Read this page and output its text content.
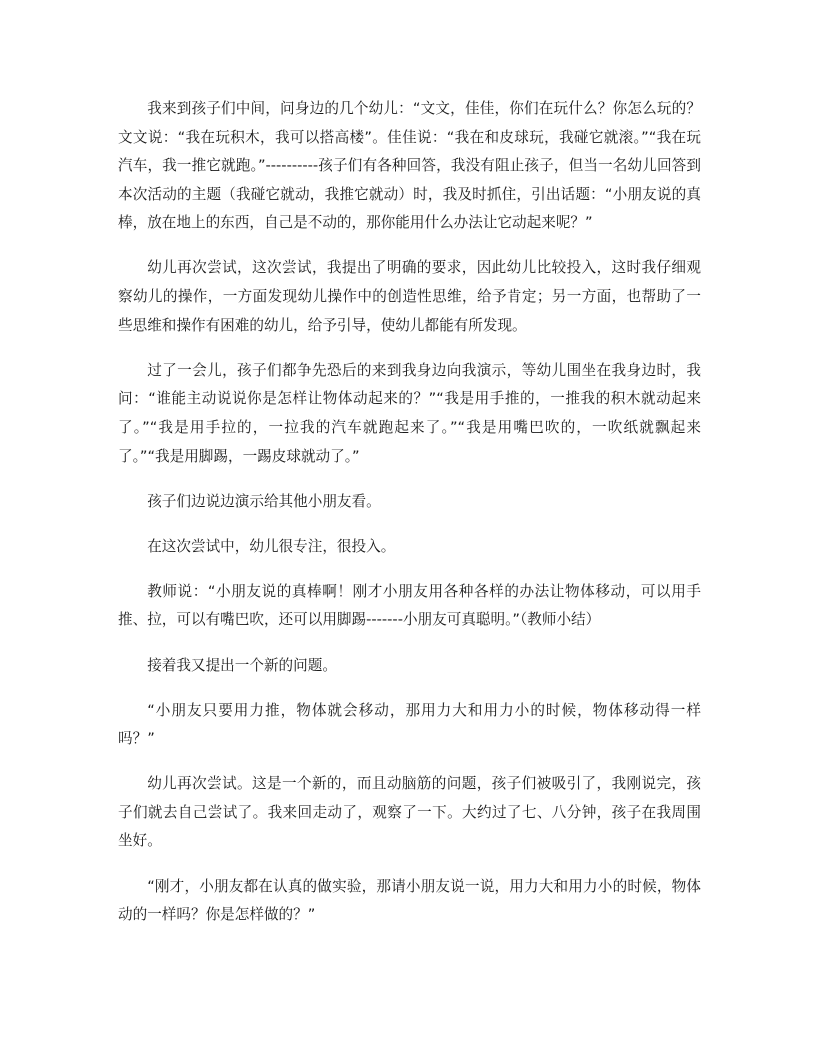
我来到孩子们中间，问身边的几个幼儿：“文文，佳佳，你们在玩什么？你怎么玩的？文文说：“我在玩积木，我可以搭高楼”。佳佳说：“我在和皮球玩，我碰它就滚。”“我在玩汽车，我一推它就跑。”----------孩子们有各种回答，我没有阻止孩子，但当一名幼儿回答到本次活动的主题（我碰它就动，我推它就动）时，我及时抓住，引出话题：“小朋友说的真棒，放在地上的东西，自己是不动的，那你能用什么办法让它动起来呢？”

幼儿再次尝试，这次尝试，我提出了明确的要求，因此幼儿比较投入，这时我仔细观察幼儿的操作，一方面发现幼儿操作中的创造性思维，给予肯定；另一方面，也帮助了一些思维和操作有困难的幼儿，给予引导，使幼儿都能有所发现。

过了一会儿，孩子们都争先恐后的来到我身边向我演示，等幼儿围坐在我身边时，我问：“谁能主动说说你是怎样让物体动起来的？”“我是用手推的，一推我的积木就动起来了。”“我是用手拉的，一拉我的汽车就跑起来了。”“我是用嘴巴吹的，一吹纸就飘起来了。”“我是用脚踢，一踢皮球就动了。”

孩子们边说边演示给其他小朋友看。

在这次尝试中，幼儿很专注，很投入。

教师说：“小朋友说的真棒啊！刚才小朋友用各种各样的办法让物体移动，可以用手推、拉，可以有嘴巴吹，还可以用脚踢-------小朋友可真聪明。”（教师小结）

接着我又提出一个新的问题。

“小朋友只要用力推，物体就会移动，那用力大和用力小的时候，物体移动得一样吗？”

幼儿再次尝试。这是一个新的，而且动脑筋的问题，孩子们被吸引了，我刚说完，孩子们就去自己尝试了。我来回走动了，观察了一下。大约过了七、八分钟，孩子在我周围坐好。

“刚才，小朋友都在认真的做实验，那请小朋友说一说，用力大和用力小的时候，物体动的一样吗？你是怎样做的？”
